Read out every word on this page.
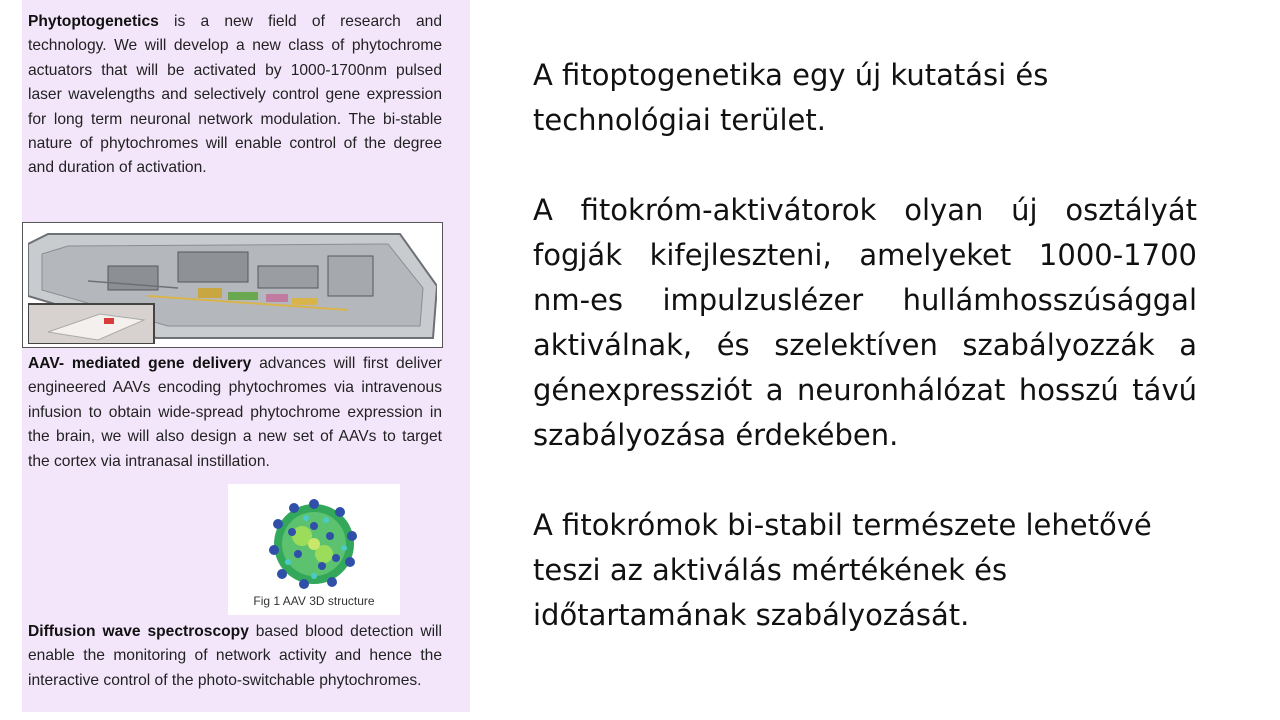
Phytoptogenetics is a new field of research and technology. We will develop a new class of phytochrome actuators that will be activated by 1000-1700nm pulsed laser wavelengths and selectively control gene expression for long term neuronal network modulation. The bi-stable nature of phytochromes will enable control of the degree and duration of activation.
AAV- mediated gene delivery advances will first deliver engineered AAVs encoding phytochromes via intravenous infusion to obtain wide-spread phytochrome expression in the brain, we will also design a new set of AAVs to target the cortex via intranasal instillation.
Fig 1 AAV 3D structure
Diffusion wave spectroscopy based blood detection will enable the monitoring of network activity and hence the interactive control of the photo-switchable phytochromes.

A fitoptogenetika egy új kutatási és technológiai terület.

A fitokróm-aktivátorok olyan új osztályát fogják kifejleszteni, amelyeket 1000-1700 nm-es impulzuslézer hullámhosszúsággal aktiválnak, és szelektíven szabályozzák a génexpressziót a neuronhálózat hosszú távú szabályozása érdekében.

A fitokrómok bi-stabil természete lehetővé teszi az aktiválás mértékének és időtartamának szabályozását.
